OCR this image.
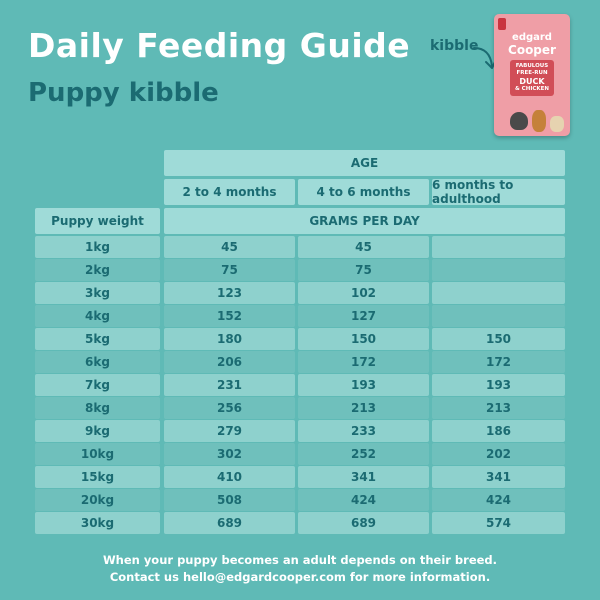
Daily Feeding Guide
Puppy kibble
kibble
edgard
Cooper
FABULOUS
FREE-RUN
DUCK
& CHICKEN
AGE
2 to 4 months	4 to 6 months	6 months to adulthood
Puppy weight	GRAMS PER DAY
1kg	45	45
2kg	75	75
3kg	123	102
4kg	152	127
5kg	180	150	150
6kg	206	172	172
7kg	231	193	193
8kg	256	213	213
9kg	279	233	186
10kg	302	252	202
15kg	410	341	341
20kg	508	424	424
30kg	689	689	574
When your puppy becomes an adult depends on their breed.
Contact us hello@edgardcooper.com for more information.
